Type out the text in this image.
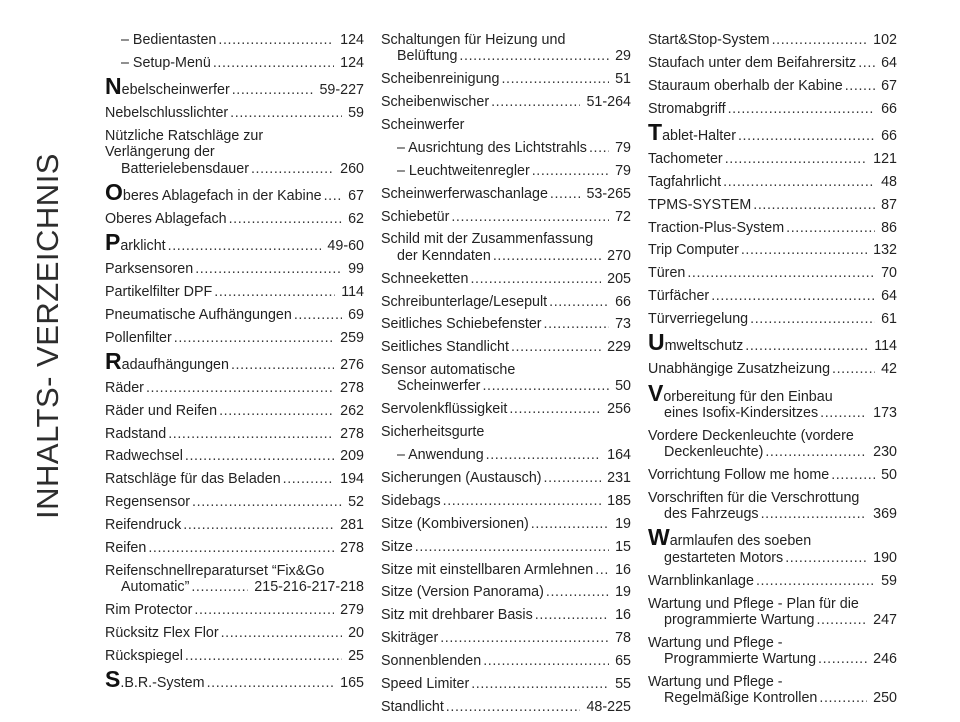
INHALTS- VERZEICHNIS
– Bedientasten .....	124
– Setup-Menü .....	124
Nebelscheinwerfer .....	59-227
Nebelschlusslichter .....	59
Nützliche Ratschläge zur
Verlängerung der
Batterielebensdauer .....	260
Oberes Ablagefach in der Kabine ..... 67
Oberes Ablagefach .....	62
Parklicht .....	49-60
Parksensoren .....	99
Partikelfilter DPF .....	114
Pneumatische Aufhängungen .....	69
Pollenfilter .....	259
Radaufhängungen .....	276
Räder .....	278
Räder und Reifen .....	262
Radstand .....	278
Radwechsel .....	209
Ratschläge für das Beladen .....	194
Regensensor .....	52
Reifendruck .....	281
Reifen .....	278
Reifenschnellreparaturset “Fix&Go
Automatic” .....	215-216-217-218
Rim Protector .....	279
Rücksitz Flex Flor .....	20
Rückspiegel .....	25
S.B.R.-System .....	165
Schaltungen für Heizung und
Belüftung .....	29
Scheibenreinigung .....	51
Scheibenwischer .....	51-264
Scheinwerfer
– Ausrichtung des Lichtstrahls ..... 79
– Leuchtweitenregler .....	79
Scheinwerferwaschanlage .....	53-265
Schiebetür .....	72
Schild mit der Zusammenfassung
der Kenndaten .....	270
Schneeketten .....	205
Schreibunterlage/Lesepult .....	66
Seitliches Schiebefenster .....	73
Seitliches Standlicht .....	229
Sensor automatische
Scheinwerfer .....	50
Servolenkflüssigkeit .....	256
Sicherheitsgurte
– Anwendung .....	164
Sicherungen (Austausch) .....	231
Sidebags .....	185
Sitze (Kombiversionen) .....	19
Sitze .....	15
Sitze mit einstellbaren Armlehnen ..... 16
Sitze (Version Panorama) .....	19
Sitz mit drehbarer Basis .....	16
Skiträger .....	78
Sonnenblenden .....	65
Speed Limiter .....	55
Standlicht .....	48-225
Start&Stop-System .....	102
Staufach unter dem Beifahrersitz ..... 64
Stauraum oberhalb der Kabine .....	67
Stromabgriff .....	66
Tablet-Halter .....	66
Tachometer .....	121
Tagfahrlicht .....	48
TPMS-SYSTEM .....	87
Traction-Plus-System .....	86
Trip Computer .....	132
Türen .....	70
Türfächer .....	64
Türverriegelung .....	61
Umweltschutz .....	114
Unabhängige Zusatzheizung .....	42
Vorbereitung für den Einbau
eines Isofix-Kindersitzes .....	173
Vordere Deckenleuchte (vordere
Deckenleuchte) .....	230
Vorrichtung Follow me home .....	50
Vorschriften für die Verschrottung
des Fahrzeugs .....	369
Warmlaufen des soeben
gestarteten Motors .....	190
Warnblinkanlage .....	59
Wartung und Pflege - Plan für die
programmierte Wartung .....	247
Wartung und Pflege -
Programmierte Wartung .....	246
Wartung und Pflege -
Regelmäßige Kontrollen .....	250
